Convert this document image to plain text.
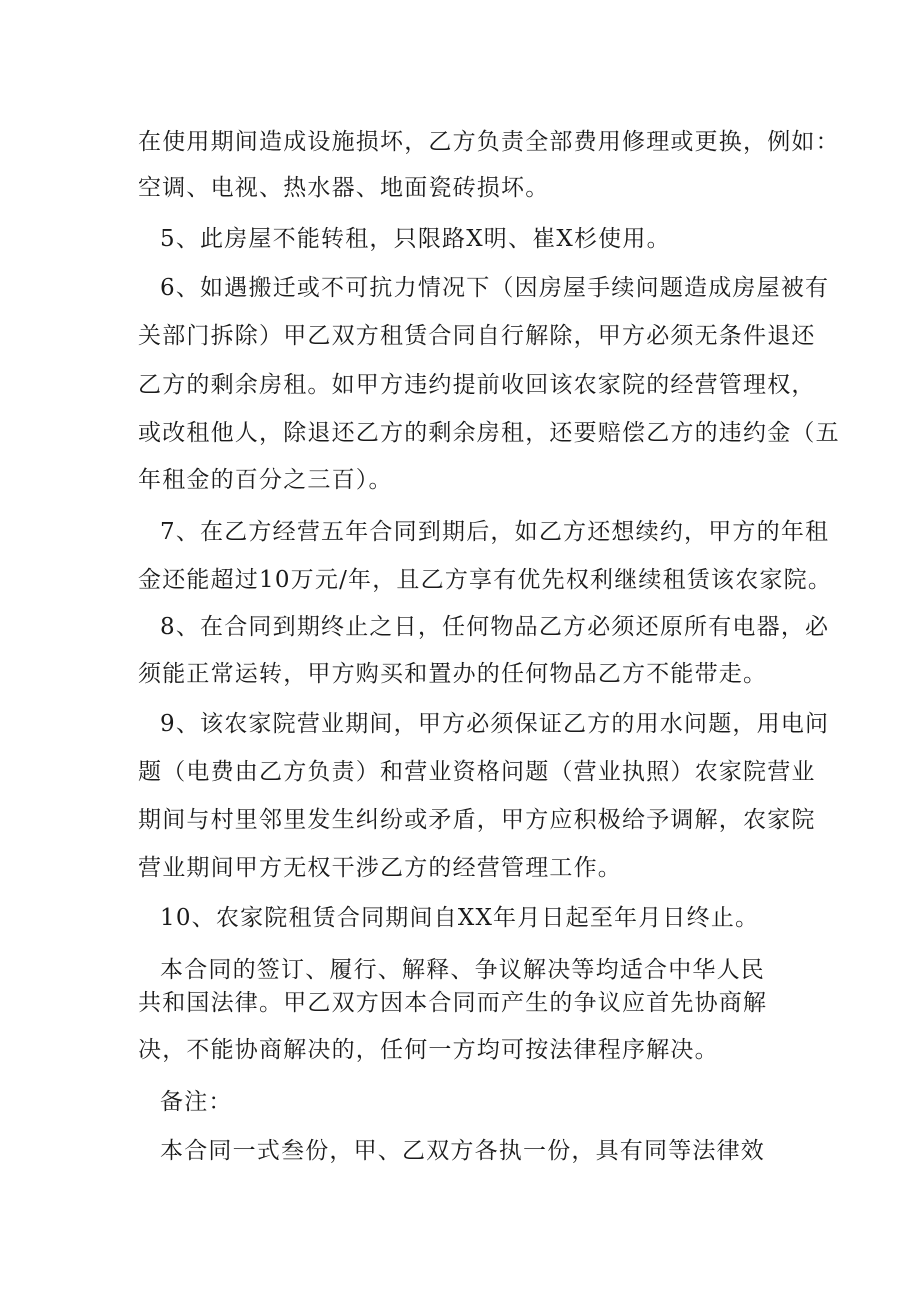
在使用期间造成设施损坏，乙方负责全部费用修理或更换，例如：
空调、电视、热水器、地面瓷砖损坏。
5、此房屋不能转租，只限路X明、崔X杉使用。
6、如遇搬迁或不可抗力情况下（因房屋手续问题造成房屋被有
关部门拆除）甲乙双方租赁合同自行解除，甲方必须无条件退还
乙方的剩余房租。如甲方违约提前收回该农家院的经营管理权，
或改租他人，除退还乙方的剩余房租，还要赔偿乙方的违约金（五
年租金的百分之三百）。
7、在乙方经营五年合同到期后，如乙方还想续约，甲方的年租
金还能超过10万元/年，且乙方享有优先权利继续租赁该农家院。
8、在合同到期终止之日，任何物品乙方必须还原所有电器，必
须能正常运转，甲方购买和置办的任何物品乙方不能带走。
9、该农家院营业期间，甲方必须保证乙方的用水问题，用电问
题（电费由乙方负责）和营业资格问题（营业执照）农家院营业
期间与村里邻里发生纠纷或矛盾，甲方应积极给予调解，农家院
营业期间甲方无权干涉乙方的经营管理工作。
10、农家院租赁合同期间自XX年月日起至年月日终止。
本合同的签订、履行、解释、争议解决等均适合中华人民
共和国法律。甲乙双方因本合同而产生的争议应首先协商解
决，不能协商解决的，任何一方均可按法律程序解决。
备注：
本合同一式叁份，甲、乙双方各执一份，具有同等法律效
